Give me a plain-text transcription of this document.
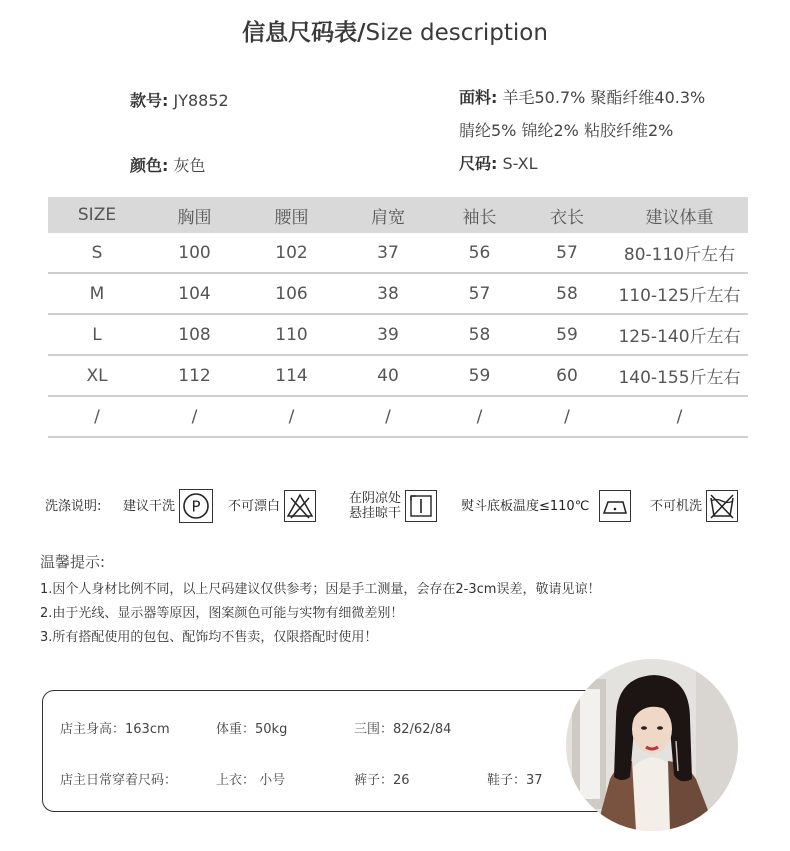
信息尺码表/Size description
款号: JY8852
颜色: 灰色
面料: 羊毛50.7% 聚酯纤维40.3%
腈纶5% 锦纶2% 粘胶纤维2%
尺码: S-XL
SIZE	胸围	腰围	肩宽	袖长	衣长	建议体重
S	100	102	37	56	57	80-110斤左右
M	104	106	38	57	58	110-125斤左右
L	108	110	39	58	59	125-140斤左右
XL	112	114	40	59	60	140-155斤左右
/	/	/	/	/	/	/
洗涤说明: 建议干洗 P 不可漂白	在阴凉处
悬挂晾干	熨斗底板温度≤110℃	不可机洗
温馨提示:
1.因个人身材比例不同，以上尺码建议仅供参考；因是手工测量，会存在2-3cm误差，敬请见谅！
2.由于光线、显示器等原因，图案颜色可能与实物有细微差别！
3.所有搭配使用的包包、配饰均不售卖，仅限搭配时使用！
店主身高：163cm	体重：50kg	三围：82/62/84
店主日常穿着尺码：	上衣： 小号	裤子：26	鞋子：37
